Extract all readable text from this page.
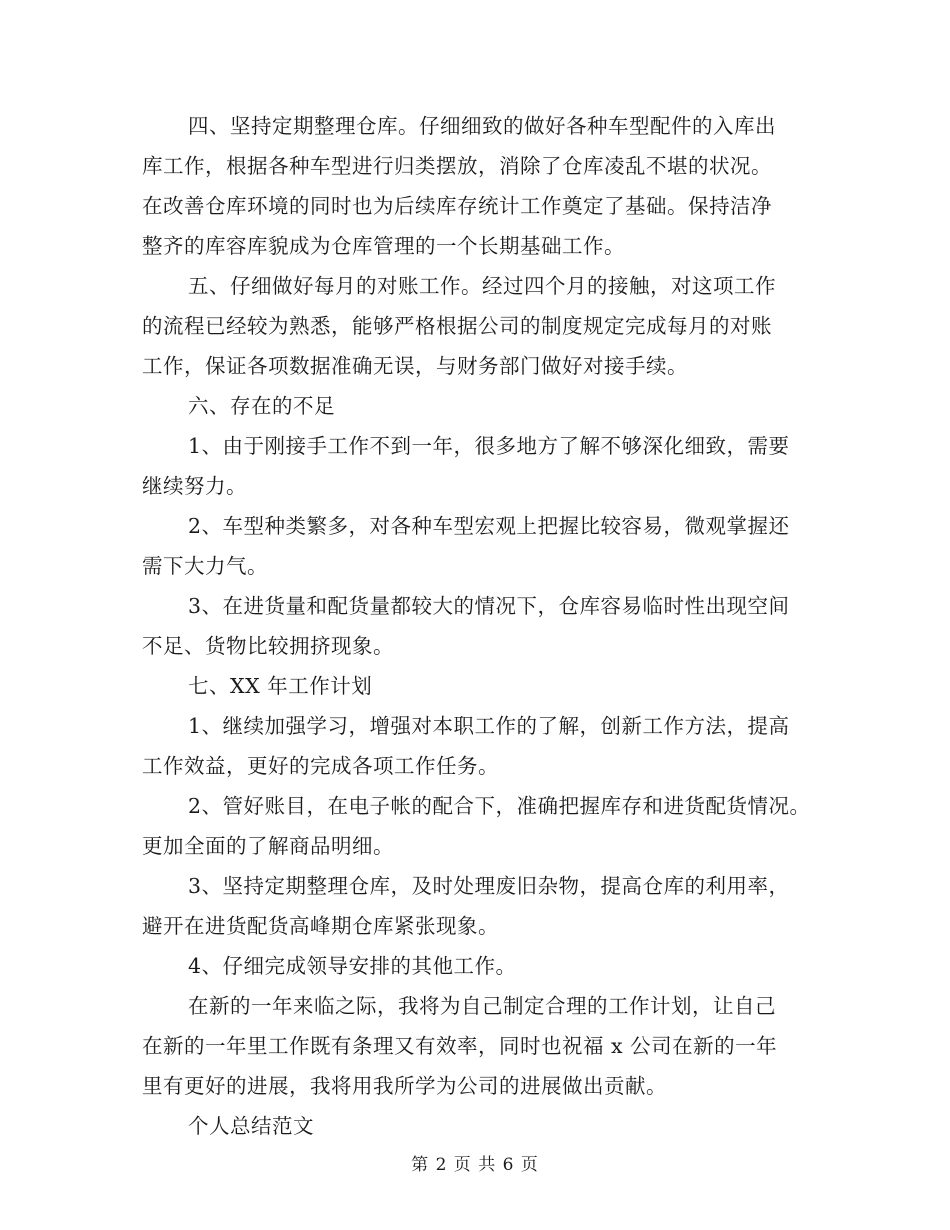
四、坚持定期整理仓库。仔细细致的做好各种车型配件的入库出
库工作，根据各种车型进行归类摆放，消除了仓库凌乱不堪的状况。
在改善仓库环境的同时也为后续库存统计工作奠定了基础。保持洁净
整齐的库容库貌成为仓库管理的一个长期基础工作。
五、仔细做好每月的对账工作。经过四个月的接触，对这项工作
的流程已经较为熟悉，能够严格根据公司的制度规定完成每月的对账
工作，保证各项数据准确无误，与财务部门做好对接手续。
六、存在的不足
1、由于刚接手工作不到一年，很多地方了解不够深化细致，需要
继续努力。
2、车型种类繁多，对各种车型宏观上把握比较容易，微观掌握还
需下大力气。
3、在进货量和配货量都较大的情况下，仓库容易临时性出现空间
不足、货物比较拥挤现象。
七、XX 年工作计划
1、继续加强学习，增强对本职工作的了解，创新工作方法，提高
工作效益，更好的完成各项工作任务。
2、管好账目，在电子帐的配合下，准确把握库存和进货配货情况。
更加全面的了解商品明细。
3、坚持定期整理仓库，及时处理废旧杂物，提高仓库的利用率，
避开在进货配货高峰期仓库紧张现象。
4、仔细完成领导安排的其他工作。
在新的一年来临之际，我将为自己制定合理的工作计划，让自己
在新的一年里工作既有条理又有效率，同时也祝福 x 公司在新的一年
里有更好的进展，我将用我所学为公司的进展做出贡献。
个人总结范文
第 2 页 共 6 页
